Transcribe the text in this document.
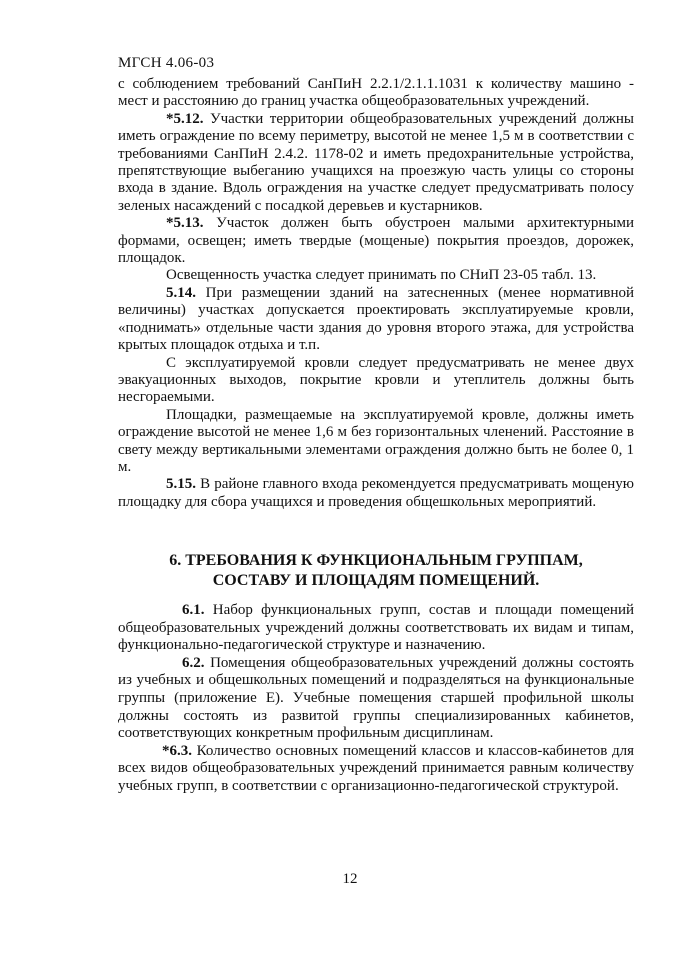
МГСН 4.06-03

с соблюдением требований СанПиН 2.2.1/2.1.1.1031 к количеству машино - мест и расстоянию до границ участка общеобразовательных учреждений.

*5.12. Участки территории общеобразовательных учреждений должны иметь ограждение по всему периметру, высотой не менее 1,5 м в соответствии с требованиями СанПиН 2.4.2. 1178-02 и иметь предохранительные устройства, препятствующие выбеганию учащихся на проезжую часть улицы со стороны входа в здание. Вдоль ограждения на участке следует предусматривать полосу зеленых насаждений с посадкой деревьев и кустарников.

*5.13. Участок должен быть обустроен малыми архитектурными формами, освещен; иметь твердые (мощеные) покрытия проездов, дорожек, площадок.

Освещенность участка следует принимать по СНиП 23-05 табл. 13.

5.14. При размещении зданий на затесненных (менее нормативной величины) участках допускается проектировать эксплуатируемые кровли, «поднимать» отдельные части здания до уровня второго этажа, для устройства крытых площадок отдыха и т.п.

С эксплуатируемой кровли следует предусматривать не менее двух эвакуационных выходов, покрытие кровли и утеплитель должны быть несгораемыми.

Площадки, размещаемые на эксплуатируемой кровле, должны иметь ограждение высотой не менее 1,6 м без горизонтальных членений. Расстояние в свету между вертикальными элементами ограждения должно быть не более 0, 1 м.

5.15. В районе главного входа рекомендуется предусматривать мощеную площадку для сбора учащихся и проведения общешкольных мероприятий.

6. ТРЕБОВАНИЯ К ФУНКЦИОНАЛЬНЫМ ГРУППАМ,
СОСТАВУ И ПЛОЩАДЯМ ПОМЕЩЕНИЙ.

6.1. Набор функциональных групп, состав и площади помещений общеобразовательных учреждений должны соответствовать их видам и типам, функционально-педагогической структуре и назначению.

6.2. Помещения общеобразовательных учреждений должны состоять из учебных и общешкольных помещений и подразделяться на функциональные группы (приложение Е). Учебные помещения старшей профильной школы должны состоять из развитой группы специализированных кабинетов, соответствующих конкретным профильным дисциплинам.

*6.3. Количество основных помещений классов и классов-кабинетов для всех видов общеобразовательных учреждений принимается равным количеству учебных групп, в соответствии с организационно-педагогической структурой.

12
